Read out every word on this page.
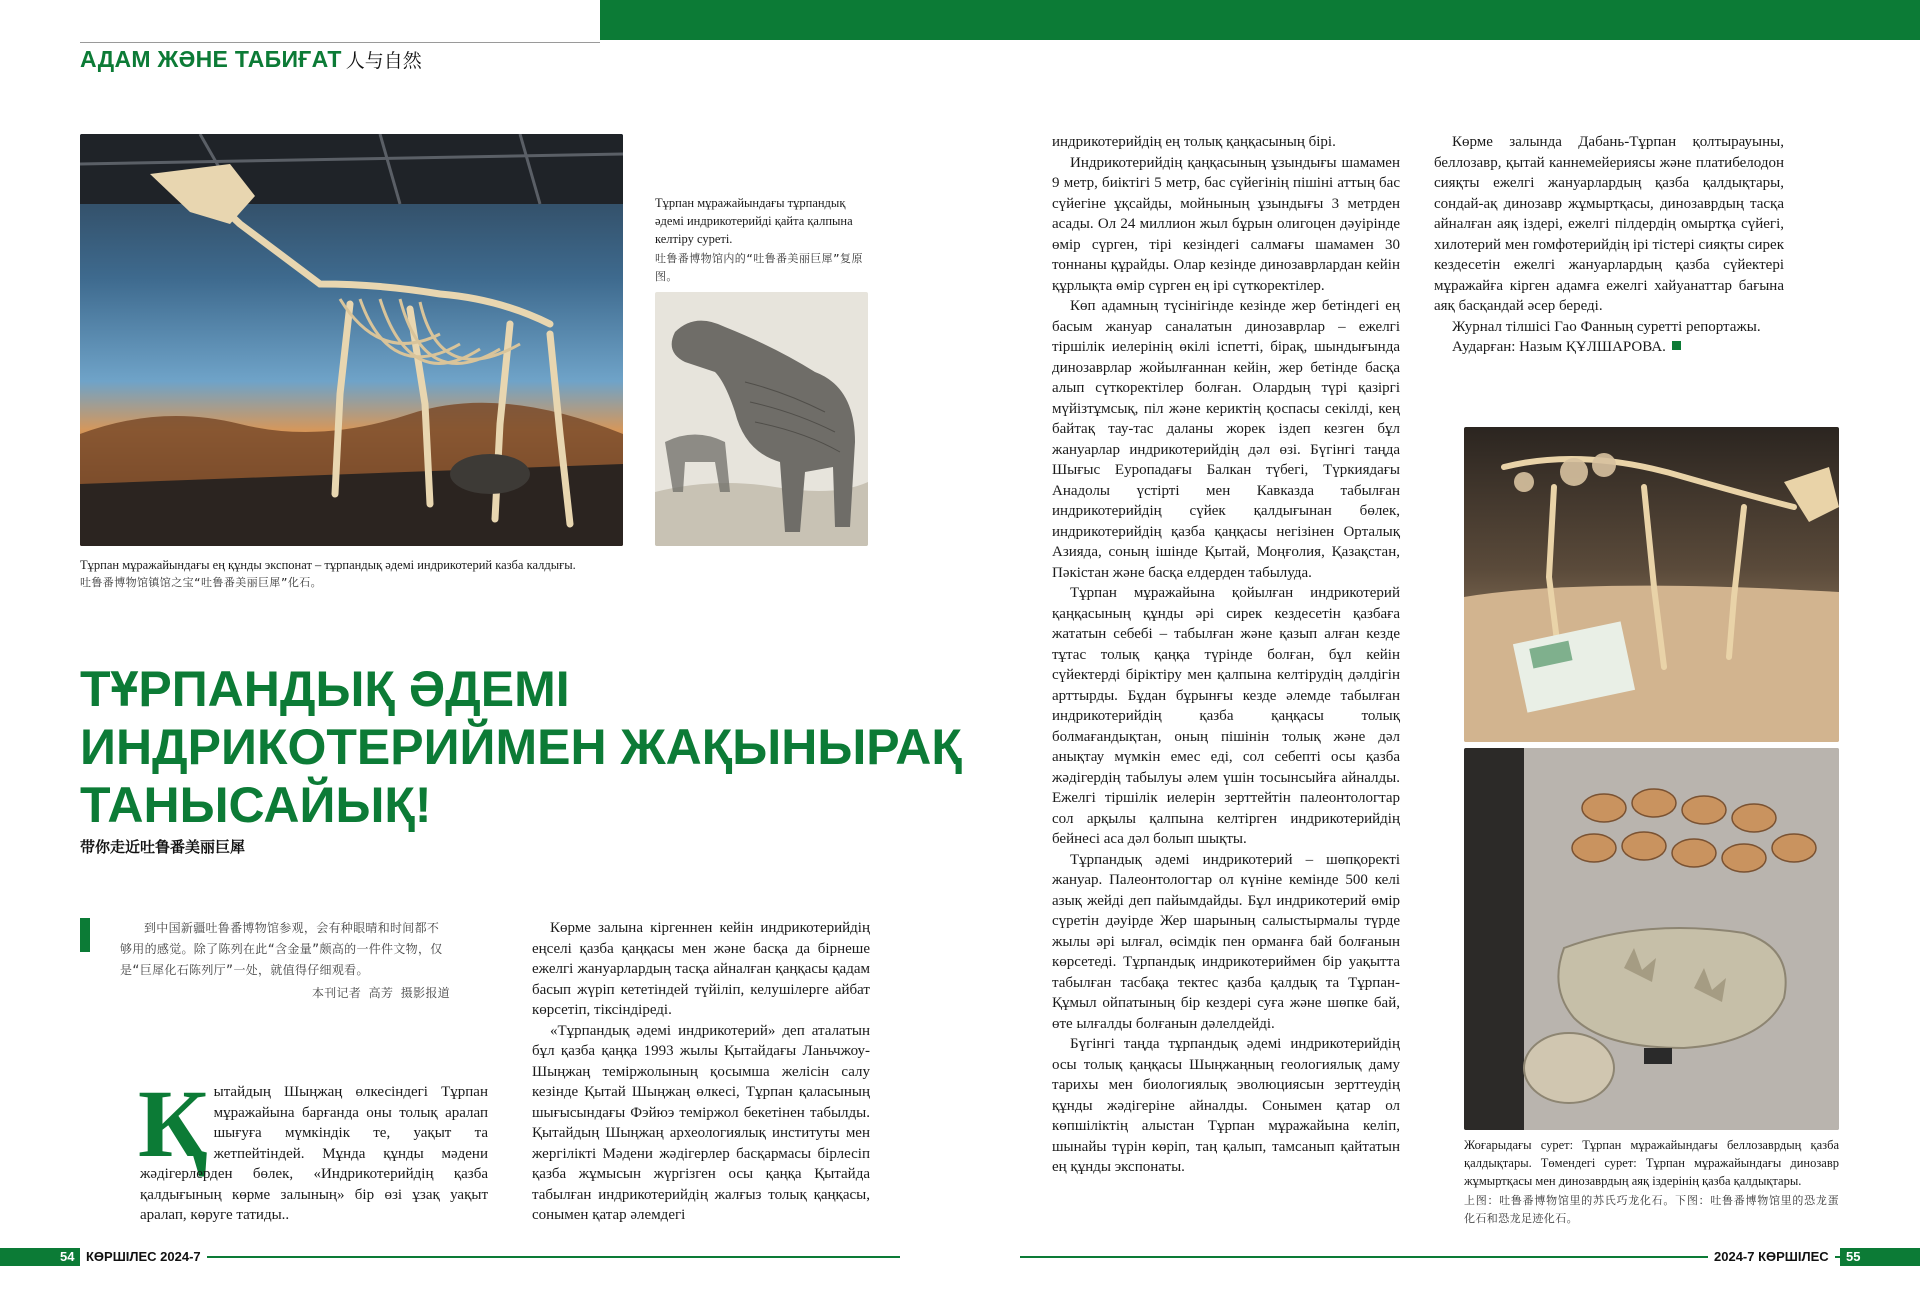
АДАМ ЖӘНЕ ТАБИҒАТ 人与自然
Тұрпан мұражайындағы ең құнды экспонат – тұрпандық әдемі индрикотерий казба калдығы.
吐鲁番博物馆镇馆之宝“吐鲁番美丽巨犀”化石。
Тұрпан мұражайындағы тұрпандық әдемі индрикотерийді қайта қалпына келтіру суреті.
吐鲁番博物馆内的“吐鲁番美丽巨犀”复原图。
ТҰРПАНДЫҚ ӘДЕМІ
ИНДРИКОТЕРИЙМЕН ЖАҚЫНЫРАҚ
ТАНЫСАЙЫҚ!
带你走近吐鲁番美丽巨犀

到中国新疆吐鲁番博物馆参观，会有种眼晴和时间都不够用的感觉。除了陈列在此“含金量”颇高的一件件文物，仅是“巨犀化石陈列厅”一处，就值得仔细观看。

本刊记者 高芳 摄影报道

Қытайдың Шыңжаң өлкесіндегі Тұрпан мұражайына барғанда оны толық аралап шығуға мүмкіндік те, уақыт та жетпейтіндей. Мұнда құнды мәдени жәдігерлерден бөлек, «Индрикотерийдің қазба қалдығының көрме залының» бір өзі ұзақ уақыт аралап, көруге татиды..

Көрме залына кіргеннен кейін индрикотерийдің еңселі қазба қаңқасы мен және басқа да бірнеше ежелгі жануарлардың тасқа айналған қаңқасы қадам басып жүріп кететіндей түйіліп, келушілерге айбат көрсетіп, тіксіндіреді.

«Тұрпандық әдемі индрикотерий» деп аталатын бұл қазба қаңқа 1993 жылы Қытайдағы Ланьчжоу-Шыңжаң теміржолының қосымша желісін салу кезінде Қытай Шыңжаң өлкесі, Тұрпан қаласының шығысындағы Фэйюэ теміржол бекетінен табылды. Қытайдың Шыңжаң археологиялық институты мен жергілікті Мәдени жәдігерлер басқармасы бірлесіп қазба жұмысын жүргізген осы қаңқа Қытайда табылған индрикотерийдің жалғыз толық қаңқасы, сонымен қатар әлемдегі

индрикотерийдің ең толық қаңқасының бірі.

Индрикотерийдің қаңқасының ұзындығы шамамен 9 метр, биіктігі 5 метр, бас сүйегінің пішіні аттың бас сүйегіне ұқсайды, мойнының ұзындығы 3 метрден асады. Ол 24 миллион жыл бұрын олигоцен дәуірінде өмір сүрген, тірі кезіндегі салмағы шамамен 30 тоннаны құрайды. Олар кезінде динозаврлардан кейін құрлықта өмір сүрген ең ірі сүткоректілер.

Көп адамның түсінігінде кезінде жер бетіндегі ең басым жануар саналатын динозаврлар – ежелгі тіршілік иелерінің өкілі іспетті, бірақ, шындығында динозаврлар жойылғаннан кейін, жер бетінде басқа алып сүткоректілер болған. Олардың түрі қазіргі мүйізтұмсық, піл және кериктің қоспасы секілді, кең байтақ тау-тас даланы жорек іздеп кезген бұл жануарлар индрикотерийдің дәл өзі. Бүгінгі таңда Шығыс Еуропадағы Балкан түбегі, Түркиядағы Анадолы үстірті мен Кавказда табылған индрикотерийдің сүйек қалдығынан бөлек, индрикотерийдің қазба қаңқасы негізінен Орталық Азияда, соның ішінде Қытай, Моңғолия, Қазақстан, Пәкістан және басқа елдерден табылуда.

Тұрпан мұражайына қойылған индрикотерий қаңқасының құнды әрі сирек кездесетін қазбаға жататын себебі – табылған және қазып алған кезде тұтас толық қаңқа түрінде болған, бұл кейін сүйектерді біріктіру мен қалпына келтірудің дәлдігін арттырды. Бұдан бұрынғы кезде әлемде табылған индрикотерийдің қазба қаңқасы толық болмағандықтан, оның пішінін толық және дәл анықтау мүмкін емес еді, сол себепті осы қазба жәдігердің табылуы әлем үшін тосынсыйға айналды. Ежелгі тіршілік иелерін зерттейтін палеонтологтар сол арқылы қалпына келтірген индрикотерийдің бейнесі аса дәл болып шықты.

Тұрпандық әдемі индрикотерий – шөпқоректі жануар. Палеонтологтар ол күніне кемінде 500 келі азық жейді деп пайымдайды. Бұл индрикотерий өмір сүретін дәуірде Жер шарының салыстырмалы түрде жылы әрі ылғал, өсімдік пен орманға бай болғанын көрсетеді. Тұрпандық индрикотериймен бір уақытта табылған тасбақа тектес қазба қалдық та Тұрпан-Құмыл ойпатының бір кездері суға және шөпке бай, өте ылғалды болғанын дәлелдейді.

Бүгінгі таңда тұрпандық әдемі индрикотерийдің осы толық қаңқасы Шыңжаңның геологиялық даму тарихы мен биологиялық эволюциясын зерттеудің құнды жәдігеріне айналды. Сонымен қатар ол көпшіліктің алыстан Тұрпан мұражайына келіп, шынайы түрін көріп, таң қалып, тамсанып қайтатын ең құнды экспонаты.

Көрме залында Дабань-Тұрпан қолтырауыны, беллозавр, қытай каннемейериясы және платибелодон сияқты ежелгі жануарлардың қазба қалдықтары, сондай-ақ динозавр жұмыртқасы, динозаврдың тасқа айналған аяқ іздері, ежелгі пілдердің омыртқа сүйегі, хилотерий мен гомфотерийдің ірі тістері сияқты сирек кездесетін ежелгі жануарлардың қазба сүйектері мұражайға кірген адамға ежелгі хайуанаттар бағына аяқ басқандай әсер береді.

Журнал тілшісі Гао Фанның суретті репортажы.

Аударған: Назым ҚҰЛШАРОВА.

Жоғарыдағы сурет: Тұрпан мұражайындағы беллозаврдың қазба қалдықтары. Төмендегі сурет: Тұрпан мұражайындағы динозавр жұмыртқасы мен динозаврдың аяқ іздерінің қазба қалдықтары.
上图：吐鲁番博物馆里的苏氏巧龙化石。下图：吐鲁番博物馆里的恐龙蛋化石和恐龙足迹化石。
54 КӨРШІЛЕС 2024-7	2024-7 КӨРШІЛЕС	55
